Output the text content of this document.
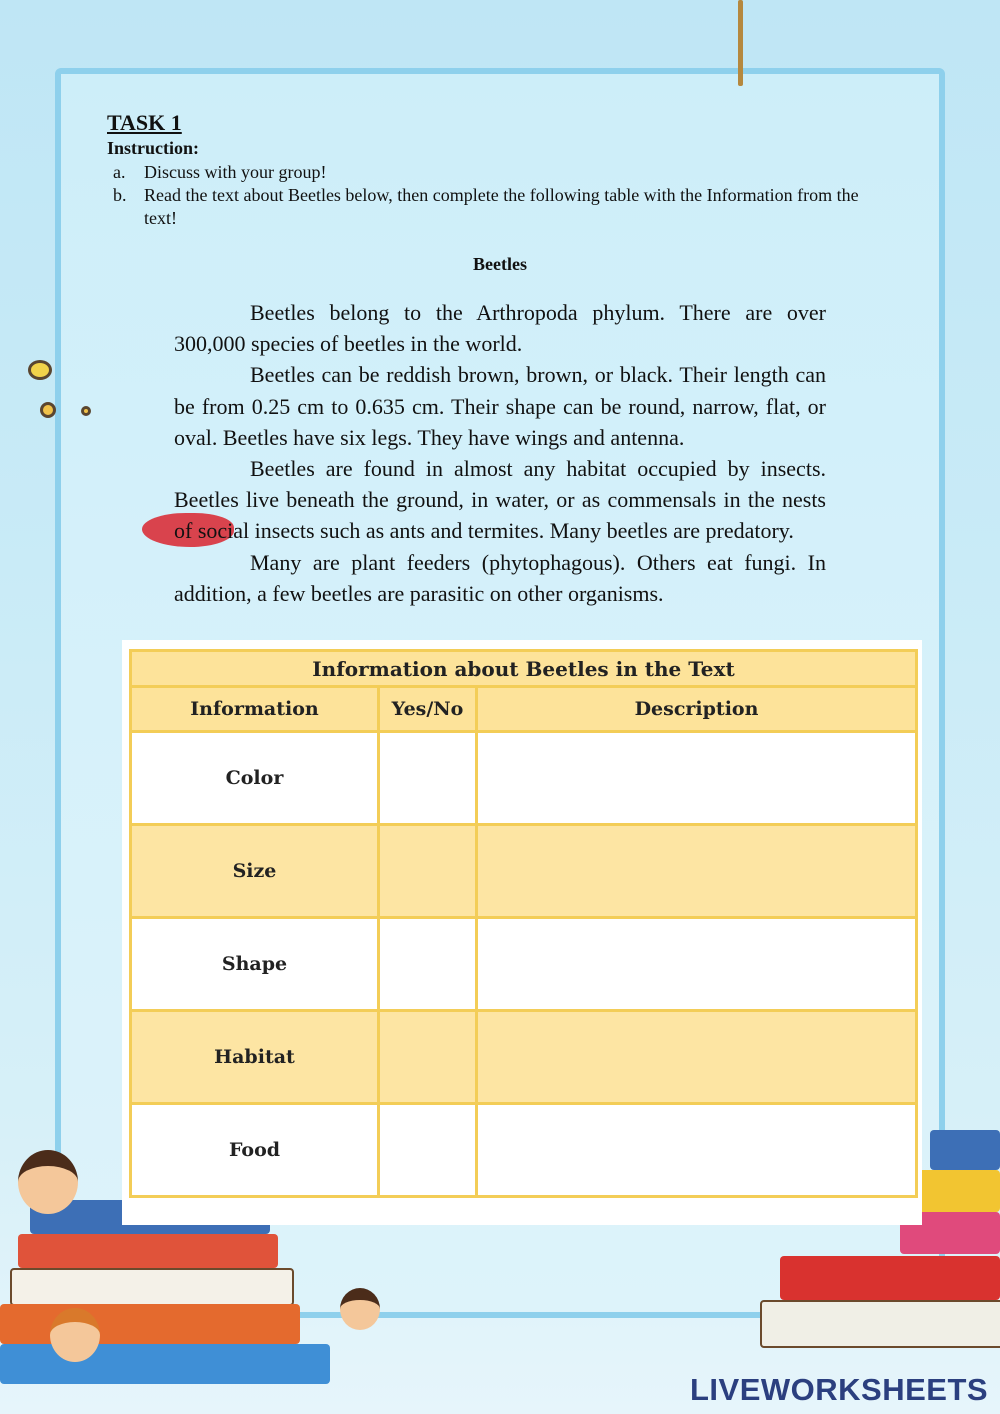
TASK 1
Instruction:
a.	Discuss with your group!
b. Read the text about Beetles below, then complete the following table with the Information from the text!
Beetles

Beetles belong to the Arthropoda phylum. There are over 300,000 species of beetles in the world.

Beetles can be reddish brown, brown, or black. Their length can be from 0.25 cm to 0.635 cm. Their shape can be round, narrow, flat, or oval. Beetles have six legs. They have wings and antenna.

Beetles are found in almost any habitat occupied by insects. Beetles live beneath the ground, in water, or as commensals in the nests of social insects such as ants and termites. Many beetles are predatory.

Many are plant feeders (phytophagous). Others eat fungi. In addition, a few beetles are parasitic on other organisms.

Information about Beetles in the Text		
Information	Yes/No	Description
Color		
Size		
Shape		
Habitat		
Food		
LIVEWORKSHEETS
